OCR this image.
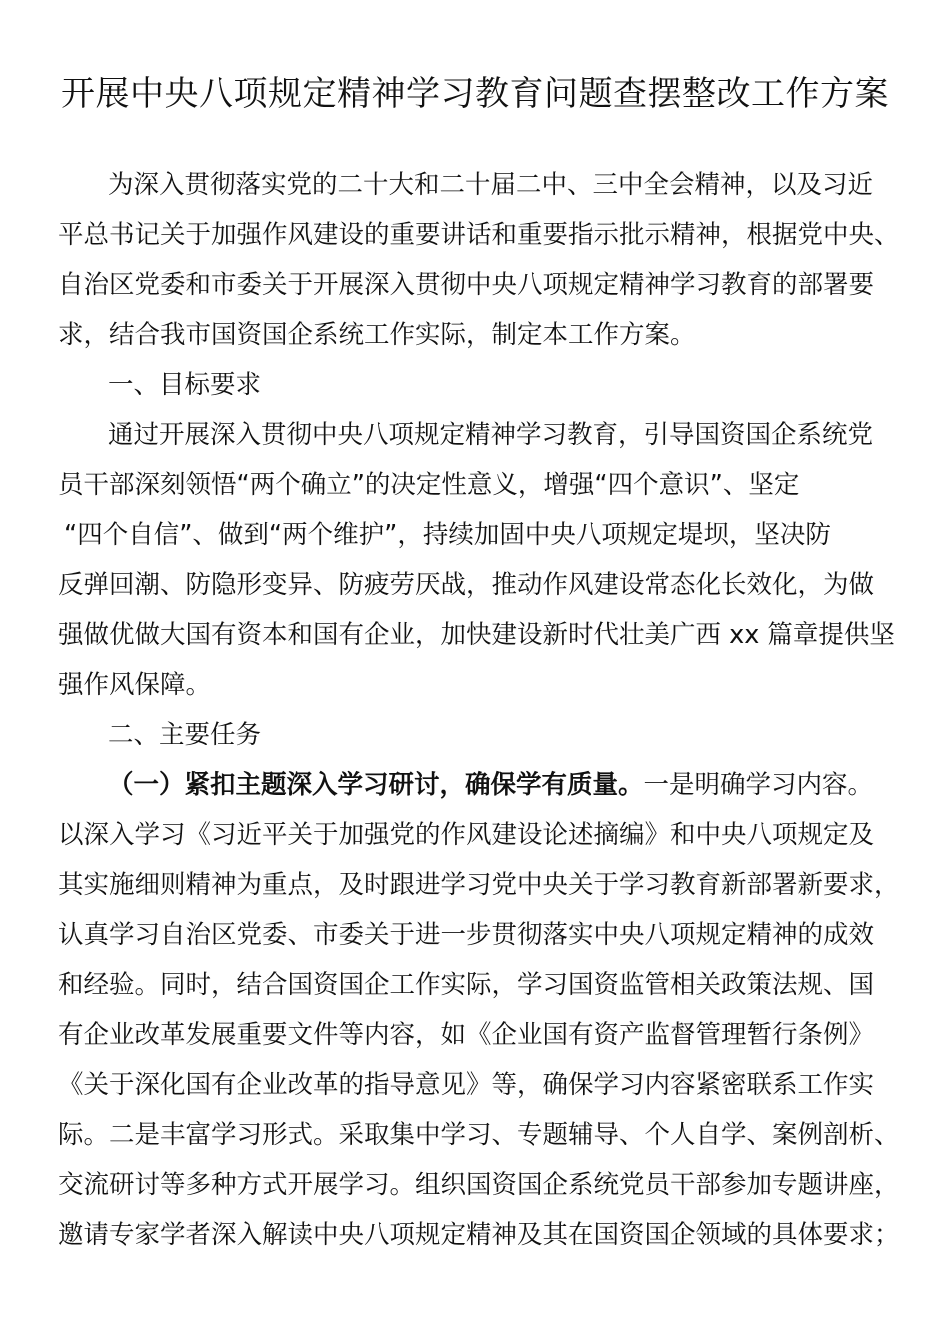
开展中央八项规定精神学习教育问题查摆整改工作方案
为深入贯彻落实党的二十大和二十届二中、三中全会精神，以及习近
平总书记关于加强作风建设的重要讲话和重要指示批示精神，根据党中央、
自治区党委和市委关于开展深入贯彻中央八项规定精神学习教育的部署要
求，结合我市国资国企系统工作实际，制定本工作方案。
一、目标要求
通过开展深入贯彻中央八项规定精神学习教育，引导国资国企系统党
员干部深刻领悟“两个确立”的决定性意义，增强“四个意识”、坚定
“四个自信”、做到“两个维护”，持续加固中央八项规定堤坝，坚决防
反弹回潮、防隐形变异、防疲劳厌战，推动作风建设常态化长效化，为做
强做优做大国有资本和国有企业，加快建设新时代壮美广西 xx 篇章提供坚
强作风保障。
二、主要任务
（一）紧扣主题深入学习研讨，确保学有质量。一是明确学习内容。
以深入学习《习近平关于加强党的作风建设论述摘编》和中央八项规定及
其实施细则精神为重点，及时跟进学习党中央关于学习教育新部署新要求，
认真学习自治区党委、市委关于进一步贯彻落实中央八项规定精神的成效
和经验。同时，结合国资国企工作实际，学习国资监管相关政策法规、国
有企业改革发展重要文件等内容，如《企业国有资产监督管理暂行条例》
《关于深化国有企业改革的指导意见》等，确保学习内容紧密联系工作实
际。二是丰富学习形式。采取集中学习、专题辅导、个人自学、案例剖析、
交流研讨等多种方式开展学习。组织国资国企系统党员干部参加专题讲座，
邀请专家学者深入解读中央八项规定精神及其在国资国企领域的具体要求；
